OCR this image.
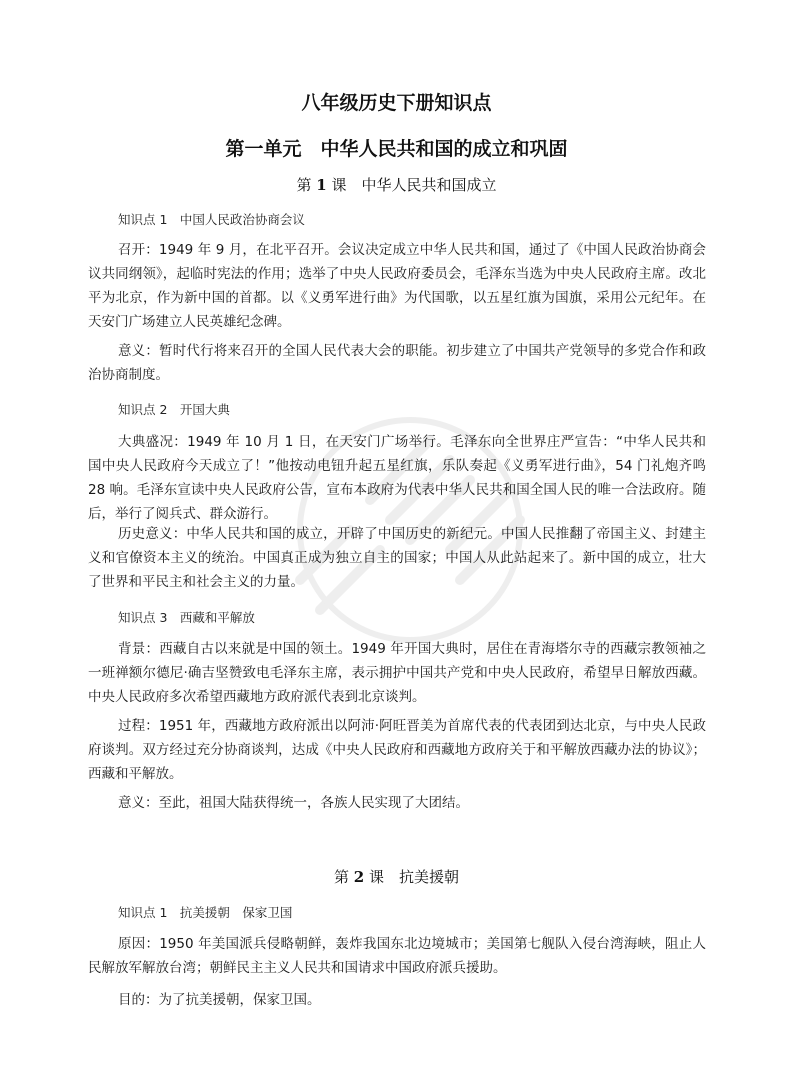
八年级历史下册知识点
第一单元　中华人民共和国的成立和巩固
第 1 课　中华人民共和国成立
知识点 1　中国人民政治协商会议

召开：1949 年 9 月，在北平召开。会议决定成立中华人民共和国，通过了《中国人民政治协商会议共同纲领》，起临时宪法的作用；选举了中央人民政府委员会，毛泽东当选为中央人民政府主席。改北平为北京，作为新中国的首都。以《义勇军进行曲》为代国歌，以五星红旗为国旗，采用公元纪年。在天安门广场建立人民英雄纪念碑。

意义：暂时代行将来召开的全国人民代表大会的职能。初步建立了中国共产党领导的多党合作和政治协商制度。

知识点 2　开国大典

大典盛况：1949 年 10 月 1 日，在天安门广场举行。毛泽东向全世界庄严宣告：“中华人民共和国中央人民政府今天成立了！”他按动电钮升起五星红旗，乐队奏起《义勇军进行曲》，54 门礼炮齐鸣 28 响。毛泽东宣读中央人民政府公告，宣布本政府为代表中华人民共和国全国人民的唯一合法政府。随后，举行了阅兵式、群众游行。

历史意义：中华人民共和国的成立，开辟了中国历史的新纪元。中国人民推翻了帝国主义、封建主义和官僚资本主义的统治。中国真正成为独立自主的国家；中国人从此站起来了。新中国的成立，壮大了世界和平民主和社会主义的力量。

知识点 3　西藏和平解放

背景：西藏自古以来就是中国的领土。1949 年开国大典时，居住在青海塔尔寺的西藏宗教领袖之一班禅额尔德尼·确吉坚赞致电毛泽东主席，表示拥护中国共产党和中央人民政府，希望早日解放西藏。中央人民政府多次希望西藏地方政府派代表到北京谈判。

过程：1951 年，西藏地方政府派出以阿沛·阿旺晋美为首席代表的代表团到达北京，与中央人民政府谈判。双方经过充分协商谈判，达成《中央人民政府和西藏地方政府关于和平解放西藏办法的协议》；西藏和平解放。

意义：至此，祖国大陆获得统一，各族人民实现了大团结。

第 2 课　抗美援朝
知识点 1　抗美援朝　保家卫国

原因：1950 年美国派兵侵略朝鲜，轰炸我国东北边境城市；美国第七舰队入侵台湾海峡，阻止人民解放军解放台湾；朝鲜民主主义人民共和国请求中国政府派兵援助。

目的：为了抗美援朝，保家卫国。
